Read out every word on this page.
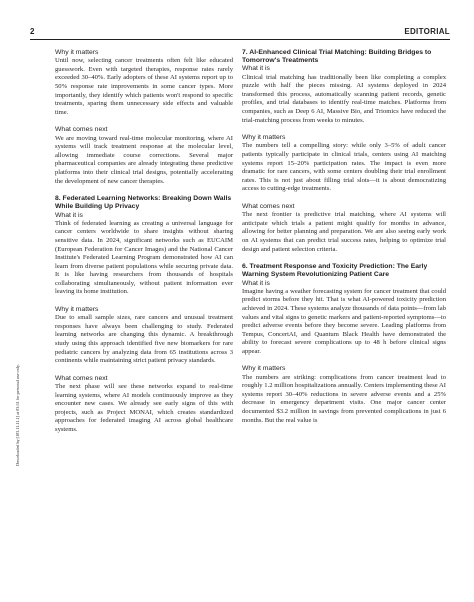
2	EDITORIAL
Downloaded by [103.11.11.1] at 03:51 for personal use only.

Why it matters

Until now, selecting cancer treatments often felt like educated guesswork. Even with targeted therapies, response rates rarely exceeded 30–40%. Early adopters of these AI systems report up to 50% response rate improvements in some cancer types. More importantly, they identify which patients won't respond to specific treatments, sparing them unnecessary side effects and valuable time.

What comes next

We are moving toward real-time molecular monitoring, where AI systems will track treatment response at the molecular level, allowing immediate course corrections. Several major pharmaceutical companies are already integrating these predictive platforms into their clinical trial designs, potentially accelerating the development of new cancer therapies.

8. Federated Learning Networks: Breaking Down Walls While Building Up Privacy

What it is

Think of federated learning as creating a universal language for cancer centers worldwide to share insights without sharing sensitive data. In 2024, significant networks such as EUCAIM (European Federation for Cancer Images) and the National Cancer Institute's Federated Learning Program demonstrated how AI can learn from diverse patient populations while securing private data. It is like having researchers from thousands of hospitals collaborating simultaneously, without patient information ever leaving its home institution.

Why it matters

Due to small sample sizes, rare cancers and unusual treatment responses have always been challenging to study. Federated learning networks are changing this dynamic. A breakthrough study using this approach identified five new biomarkers for rare pediatric cancers by analyzing data from 65 institutions across 3 continents while maintaining strict patient privacy standards.

What comes next

The next phase will see these networks expand to real-time learning systems, where AI models continuously improve as they encounter new cases. We already see early signs of this with projects, such as Project MONAI, which creates standardized approaches for federated imaging AI across global healthcare systems.

7. AI-Enhanced Clinical Trial Matching: Building Bridges to Tomorrow's Treatments

What it is

Clinical trial matching has traditionally been like completing a complex puzzle with half the pieces missing. AI systems deployed in 2024 transformed this process, automatically scanning patient records, genetic profiles, and trial databases to identify real-time matches. Platforms from companies, such as Deep 6 AI, Massive Bio, and Triomics have reduced the trial-matching process from weeks to minutes.

Why it matters

The numbers tell a compelling story: while only 3–5% of adult cancer patients typically participate in clinical trials, centers using AI matching systems report 15–20% participation rates. The impact is even more dramatic for rare cancers, with some centers doubling their trial enrollment rates. This is not just about filling trial slots—it is about democratizing access to cutting-edge treatments.

What comes next

The next frontier is predictive trial matching, where AI systems will anticipate which trials a patient might qualify for months in advance, allowing for better planning and preparation. We are also seeing early work on AI systems that can predict trial success rates, helping to optimize trial design and patient selection criteria.

6. Treatment Response and Toxicity Prediction: The Early Warning System Revolutionizing Patient Care

What it is

Imagine having a weather forecasting system for cancer treatment that could predict storms before they hit. That is what AI-powered toxicity prediction achieved in 2024. These systems analyze thousands of data points—from lab values and vital signs to genetic markers and patient-reported symptoms—to predict adverse events before they become severe. Leading platforms from Tempus, ConcertAI, and Quantum Black Health have demonstrated the ability to forecast severe complications up to 48 h before clinical signs appear.

Why it matters

The numbers are striking: complications from cancer treatment lead to roughly 1.2 million hospitalizations annually. Centers implementing these AI systems report 30–40% reductions in severe adverse events and a 25% decrease in emergency department visits. One major cancer center documented $3.2 million in savings from prevented complications in just 6 months. But the real value is
